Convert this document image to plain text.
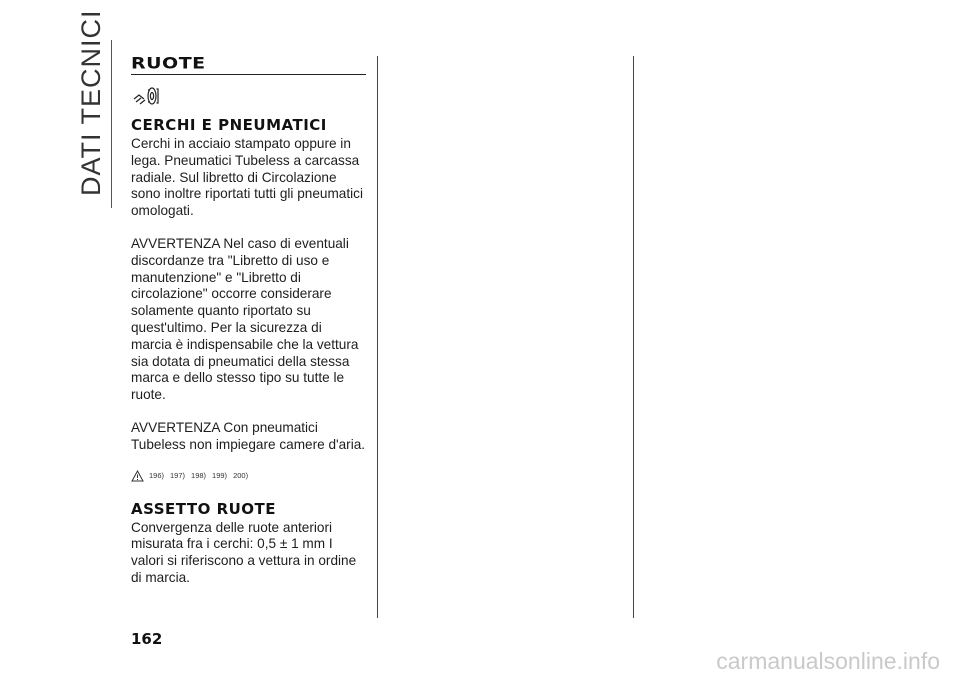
DATI TECNICI RUOTE
CERCHI E PNEUMATICI

Cerchi in acciaio stampato oppure in lega. Pneumatici Tubeless a carcassa radiale. Sul libretto di Circolazione sono inoltre riportati tutti gli pneumatici omologati.

AVVERTENZA Nel caso di eventuali discordanze tra "Libretto di uso e manutenzione" e "Libretto di circolazione" occorre considerare solamente quanto riportato su quest'ultimo. Per la sicurezza di marcia è indispensabile che la vettura sia dotata di pneumatici della stessa marca e dello stesso tipo su tutte le ruote.

AVVERTENZA Con pneumatici Tubeless non impiegare camere d'aria.

196) 197) 198) 199) 200)
ASSETTO RUOTE

Convergenza delle ruote anteriori misurata fra i cerchi: 0,5 ± 1 mm I valori si riferiscono a vettura in ordine di marcia.

162
carmanualsonline.info
